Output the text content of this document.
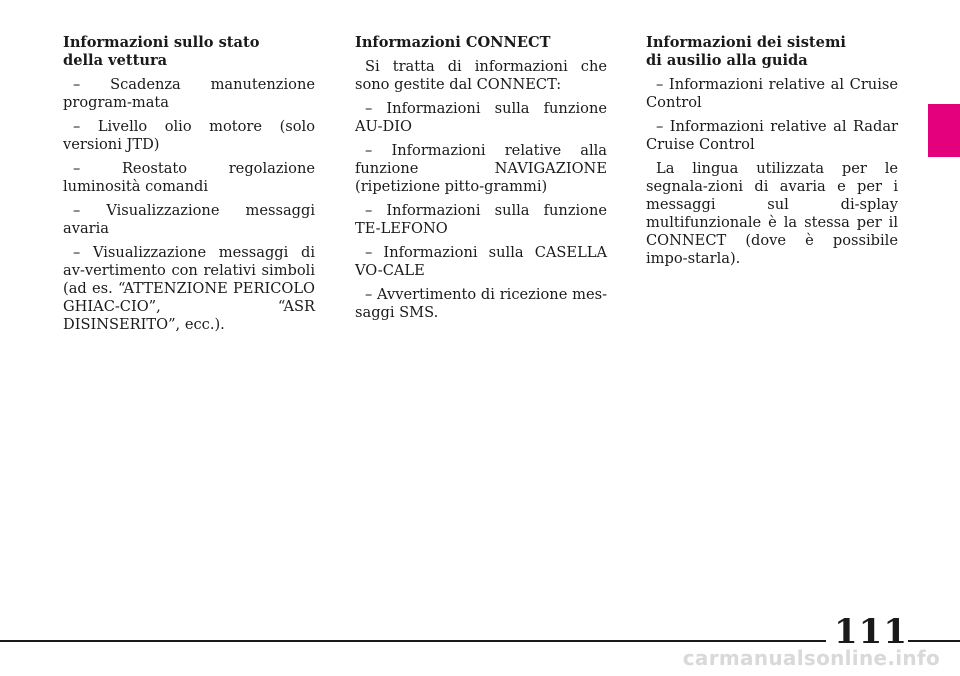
Informazioni sullo stato
della vettura

– Scadenza manutenzione program-mata

– Livello olio motore (solo versioni JTD)

– Reostato regolazione luminosità comandi

– Visualizzazione messaggi avaria

– Visualizzazione messaggi di av-vertimento con relativi simboli (ad es. “ATTENZIONE PERICOLO GHIAC-CIO”, “ASR DISINSERITO”, ecc.).

Informazioni CONNECT

Si tratta di informazioni che sono gestite dal CONNECT:

– Informazioni sulla funzione AU-DIO

– Informazioni relative alla funzione NAVIGAZIONE (ripetizione pitto-grammi)

– Informazioni sulla funzione TE-LEFONO

– Informazioni sulla CASELLA VO-CALE

– Avvertimento di ricezione mes-saggi SMS.

Informazioni dei sistemi
di ausilio alla guida

– Informazioni relative al Cruise Control

– Informazioni relative al Radar Cruise Control

La lingua utilizzata per le segnala-zioni di avaria e per i messaggi sul di-splay multifunzionale è la stessa per il CONNECT (dove è possibile impo-starla).

111
carmanualsonline.info
